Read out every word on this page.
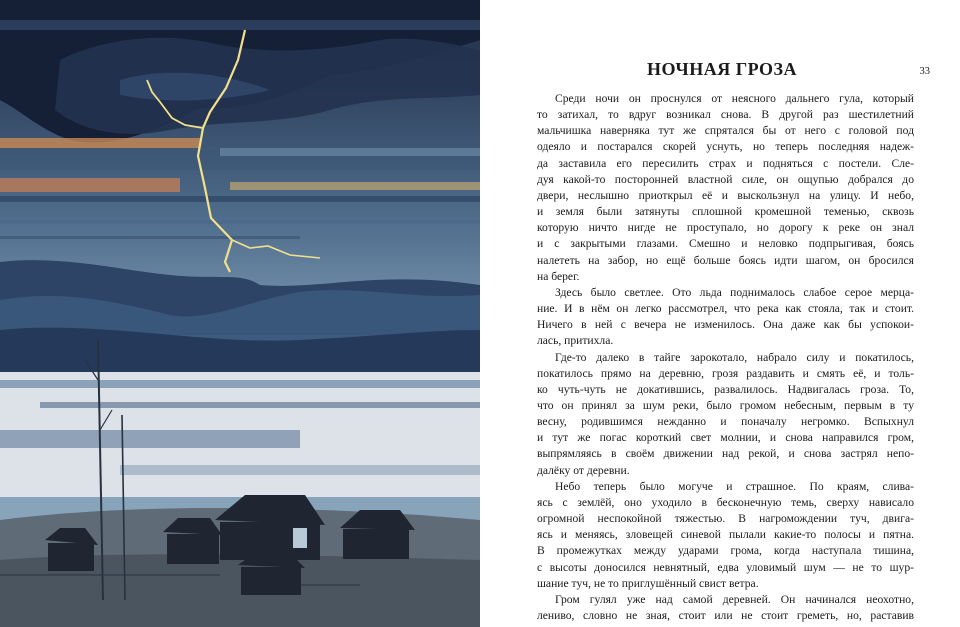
НОЧНАЯ ГРОЗА	33

Среди ночи он проснулся от неясного дальнего гула, который
то затихал, то вдруг возникал снова. В другой раз шестилетний
мальчишка наверняка тут же спрятался бы от него с головой под
одеяло и постарался скорей уснуть, но теперь последняя надеж-
да заставила его пересилить страх и подняться с постели. Сле-
дуя какой-то посторонней властной силе, он ощупью добрался до
двери, неслышно приоткрыл её и выскользнул на улицу. И небо,
и земля были затянуты сплошной кромешной теменью, сквозь
которую ничто нигде не проступало, но дорогу к реке он знал
и с закрытыми глазами. Смешно и неловко подпрыгивая, боясь
налететь на забор, но ещё больше боясь идти шагом, он бросился
на берег.

Здесь было светлее. Ото льда поднималось слабое серое мерца-
ние. И в нём он легко рассмотрел, что река как стояла, так и стоит.
Ничего в ней с вечера не изменилось. Она даже как бы успокои-
лась, притихла.

Где-то далеко в тайге зарокотало, набрало силу и покатилось,
покатилось прямо на деревню, грозя раздавить и смять её, и толь-
ко чуть-чуть не докатившись, развалилось. Надвигалась гроза. То,
что он принял за шум реки, было громом небесным, первым в ту
весну, родившимся нежданно и поначалу негромко. Вспыхнул
и тут же погас короткий свет молнии, и снова направился гром,
выпрямляясь в своём движении над рекой, и снова застрял непо-
далёку от деревни.

Небо теперь было могуче и страшное. По краям, слива-
ясь с землёй, оно уходило в бесконечную темь, сверху нависало
огромной неспокойной тяжестью. В нагромождении туч, двига-
ясь и меняясь, зловещей синевой пылали какие-то полосы и пятна.
В промежутках между ударами грома, когда наступала тишина,
с высоты доносился невнятный, едва уловимый шум — не то шур-
шание туч, не то приглушённый свист ветра.

Гром гулял уже над самой деревней. Он начинался неохотно,
лениво, словно не зная, стоит или не стоит греметь, но, раставив
